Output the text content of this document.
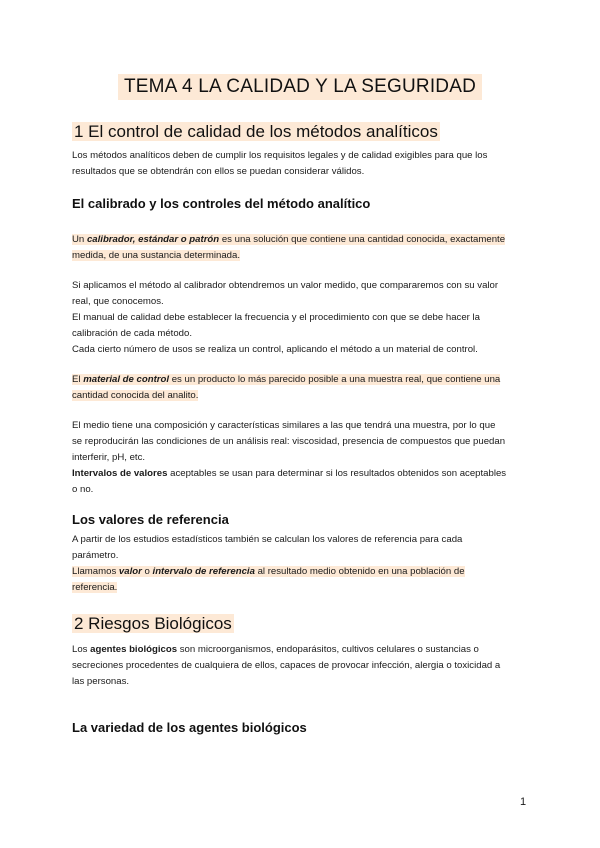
TEMA 4 LA CALIDAD Y LA SEGURIDAD
1 El control de calidad de los métodos analíticos
Los métodos analíticos deben de cumplir los requisitos legales y de calidad exigibles para que los
resultados que se obtendrán con ellos se puedan considerar válidos.
El calibrado y los controles del método analítico
Un calibrador, estándar o patrón es una solución que contiene una cantidad conocida, exactamente
medida, de una sustancia determinada.
Si aplicamos el método al calibrador obtendremos un valor medido, que compararemos con su valor
real, que conocemos.
El manual de calidad debe establecer la frecuencia y el procedimiento con que se debe hacer la
calibración de cada método.
Cada cierto número de usos se realiza un control, aplicando el método a un material de control.
El material de control es un producto lo más parecido posible a una muestra real, que contiene una
cantidad conocida del analito.
El medio tiene una composición y características similares a las que tendrá una muestra, por lo que
se reproducirán las condiciones de un análisis real: viscosidad, presencia de compuestos que puedan
interferir, pH, etc.
Intervalos de valores aceptables se usan para determinar si los resultados obtenidos son aceptables
o no.
Los valores de referencia
A partir de los estudios estadísticos también se calculan los valores de referencia para cada
parámetro.
Llamamos valor o intervalo de referencia al resultado medio obtenido en una población de
referencia.
2 Riesgos Biológicos
Los agentes biológicos son microorganismos, endoparásitos, cultivos celulares o sustancias o
secreciones procedentes de cualquiera de ellos, capaces de provocar infección, alergia o toxicidad a
las personas.
La variedad de los agentes biológicos
1
